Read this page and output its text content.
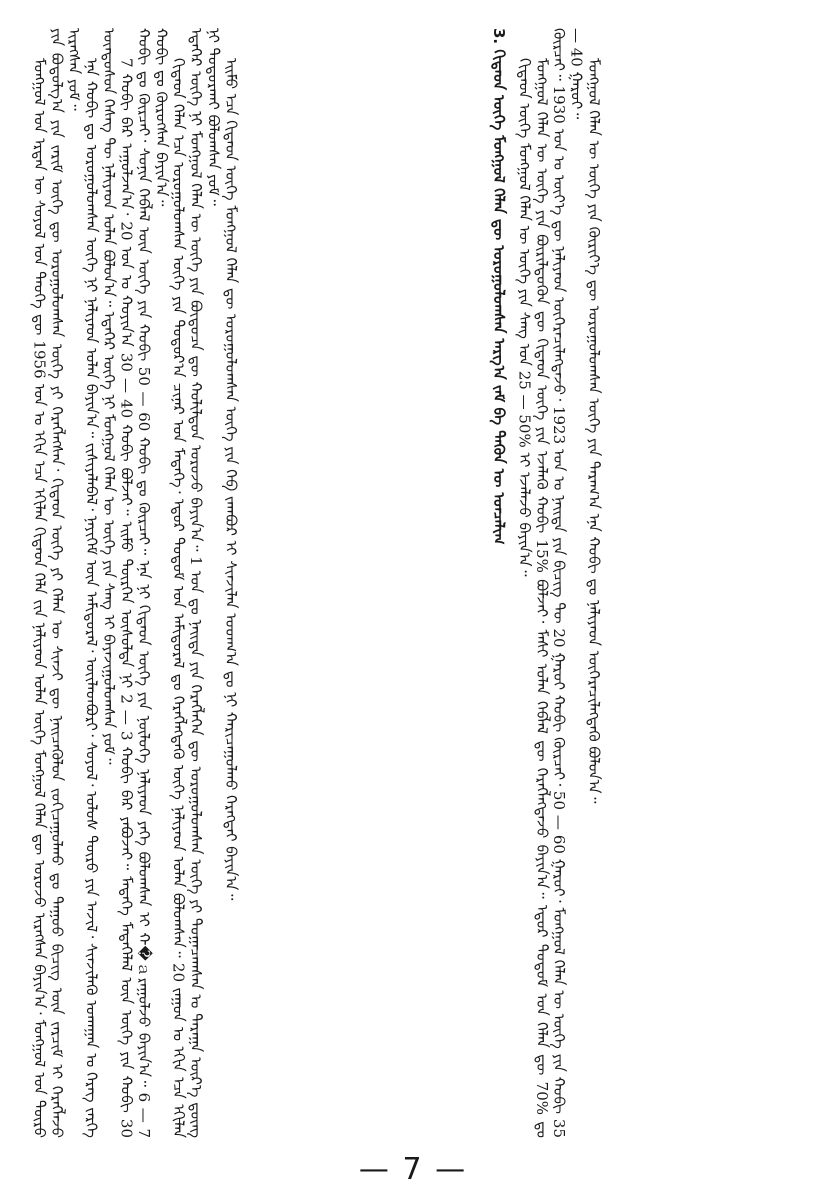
ᠮᠣᠩᠭᠣᠯ ᠤᠨ ᠡᠷᠲᠡᠨ ᠦ ᠰᠣᠶᠣᠯ ᠤᠨ ᠲᠡᠦᠬᠡ ᠳᠦ 1956 ᠣᠨ ᠤ ᠡᠬᠢᠨ ᠡᠴᠡ ᠡᠬᠢᠯᠡᠨ ᠬᠢᠲᠠᠳ ᠬᠡᠯᠡ ᠵᠢᠨ ᠨᠡᠯᠢᠶᠡᠳ ᠣᠯᠠᠨ ᠦᠭᠡ ᠮᠣᠩᠭᠣᠯ ᠬᠡᠯᠡᠨ ᠳᠦ ᠣᠷᠣᠵᠤ ᠢᠷᠡᠭᠰᠡᠨ ᠪᠠᠶᠢᠨ᠎ᠠ᠂ ᠮᠣᠩᠭᠣᠯ ᠤᠨ ᠲᠥᠷᠥ ᠶᠢᠨ ᠪᠣᠳᠣᠯᠭ᠎ᠠ ᠶᠢᠨ ᠵᠠᠷᠢᠮ ᠦᠭᠡ ᠳᠦ ᠣᠷᠣᠭᠤᠯᠤᠭᠰᠠᠨ ᠦᠭᠡ ᠶᠢ ᠬᠡᠷᠡᠭᠯᠡᠭᠰᠡᠨ᠂ ᠬᠢᠲᠠᠳ ᠦᠭᠡ ᠶᠢ ᠬᠡᠯᠡᠨ ᠦ ᠰᠢᠨᠵᠢ ᠳᠦ ᠨᠡᠢᠴᠡᠭᠦᠯᠦᠨ ᠵᠣᠬᠢᠴᠠᠭᠤᠯᠬᠤ ᠳᠤ ᠳᠠᠭᠤᠤ ᠪᠢᠴᠢᠭ ᠦᠨ ᠵᠠᠷᠴᠢᠮ ᠢ ᠬᠡᠷᠡᠭᠯᠡᠵᠦ ᠢᠷᠡᠭᠰᠡᠨ ᠶᠤᠮ᠃ ᠡᠨᠡ ᠬᠤᠪᠢ ᠳᠤ ᠣᠷᠣᠭᠤᠯᠤᠭᠰᠠᠨ ᠦᠭᠡ ᠨᠢ ᠨᠡᠯᠢᠶᠡᠳ ᠣᠯᠠᠨ ᠪᠠᠶᠢᠨ᠎ᠠ᠃ ᠵᠢᠱᠢᠶᠡᠯᠡᠪᠡᠯ᠂ ᠨᠡᠶᠢᠭᠡᠮ ᠦᠨ ᠠᠮᠢᠳᠤᠷᠠᠯ᠂ ᠦᠢᠯᠡᠳᠪᠦᠷᠢ᠂ ᠰᠣᠶᠣᠯ᠂ ᠤᠯᠤᠰ ᠲᠥᠷᠥ ᠶᠢᠨ ᠠᠵᠢᠯ᠂ ᠰᠢᠨᠵᠢᠯᠡᠬᠦ ᠤᠬᠠᠭᠠᠨ ᠤ ᠬᠡᠷᠡᠭ ᠵᠡᠷᠭᠡ ᠦᠨᠳᠦᠰᠦᠨ ᠬᠡᠰᠡᠭ ᠲᠦ ᠨᠡᠯᠢᠶᠡᠳ ᠣᠯᠠᠨ ᠪᠣᠯᠤᠨ᠎ᠠ᠃ ᠡᠳᠡᠭᠡᠷ ᠦᠭᠡ ᠨᠢ ᠮᠣᠩᠭᠣᠯ ᠬᠡᠯᠡᠨ ᠦ ᠦᠭᠡ ᠶᠢᠨ ᠰᠠᠩ ᠢ ᠪᠠᠶᠠᠵᠢᠭᠤᠯᠤᠭᠰᠠᠨ ᠶᠤᠮ᠃ 7 ᠬᠤᠪᠢ ᠪᠡᠷ ᠠᠭᠤᠯᠵᠠᠨ᠎ᠠ᠂ 20 ᠣᠨ ᠤ ᠬᠣᠶᠢᠨ᠎ᠠ 30 — 40 ᠬᠤᠪᠢ ᠪᠣᠯᠵᠠᠢ᠃ ᠡᠢᠮᠦ ᠲᠦᠷᠭᠡᠨ ᠥᠰᠦᠯᠲᠡ ᠨᠢ 2 — 3 ᠬᠤᠪᠢ ᠪᠠᠷ ᠶᠠᠪᠤᠵᠠᠢ᠃ ᠮᠡᠳᠡᠭᠡ ᠮᠡᠳᠡᠭᠡᠯᠡᠯ ᠦᠨ ᠦᠭᠡ ᠶᠢᠨ ᠬᠤᠪᠢ 30 ᠬᠤᠪᠢ ᠳᠤ ᠬᠦᠷᠴᠡᠢ᠂ ᠰᠣᠨᠢᠨ ᠬᠡᠪᠯᠡᠯ ᠦᠨ ᠦᠭᠡ ᠶᠢᠨ ᠬᠤᠪᠢ 50 — 60 ᠬᠤᠪᠢ ᠳᠤ ᠬᠦᠷᠴᠡᠢ᠃ ᠡᠨᠡ ᠨᠢ ᠬᠢᠲᠠᠳ ᠦᠭᠡ ᠶᠢᠨ ᠨᠥᠯᠦᠭᠡ ᠨᠡᠯᠢᠶᠡᠳ ᠶᠡᠬᠡ ᠪᠣᠯᠤᠭᠰᠠᠨ ᠢ ᠬ�ａᠷᠠᠭᠤᠯᠵᠤ ᠪᠠᠶᠢᠨ᠎ᠠ᠃ 6 — 7 ᠬᠤᠪᠢ ᠳᠤ ᠬᠦᠷᠦᠭᠰᠡᠨ ᠪᠠᠶᠢᠨ᠎ᠠ᠃ ᠬᠢᠲᠠᠳ ᠬᠡᠯᠡᠨ ᠡᠴᠡ ᠣᠷᠣᠭᠤᠯᠤᠭᠰᠠᠨ ᠦᠭᠡ ᠶᠢᠨ ᠳᠣᠲᠣᠷ᠎ᠠ ᠴᠢᠨᠠᠷ ᠤᠨ ᠮᠡᠳᠡᠭᠡ᠂ ᠡᠳᠦᠷ ᠲᠤᠲᠤᠮ ᠤᠨ ᠠᠮᠢᠳᠤᠷᠠᠯ ᠳᠤ ᠬᠡᠷᠡᠭᠯᠡᠭᠳᠡᠬᠦ ᠦᠭᠡ ᠨᠡᠯᠢᠶᠡᠳ ᠣᠯᠠᠨ ᠪᠣᠯᠤᠭᠰᠠᠨ᠃ 20 ᠵᠠᠭᠤᠨ ᠤ ᠡᠬᠢᠨ ᠡᠴᠡ ᠡᠬᠢᠯᠡᠨ ᠡᠳᠡᠭᠡᠷ ᠦᠭᠡ ᠨᠢ ᠮᠣᠩᠭᠣᠯ ᠬᠡᠯᠡᠨ ᠦ ᠦᠭᠡ ᠶᠢᠨ ᠪᠦᠲᠦᠴᠡ ᠳᠦ ᠬᠣᠯᠢᠯᠳᠤᠨ ᠣᠷᠣᠵᠤ ᠪᠠᠶᠢᠨ᠎ᠠ᠃ 1 ᠣᠨ ᠳᠤ ᠨᠡᠢᠲᠡ ᠶᠢᠨ ᠬᠡᠷᠡᠭᠯᠡᠭᠡᠨ ᠳᠦ ᠣᠷᠣᠭᠤᠯᠤᠭᠰᠠᠨ ᠦᠭᠡ ᠶᠢ ᠲᠣᠭᠠᠴᠠᠭᠰᠠᠨ ᠤ ᠳᠠᠷᠠᠭᠠ ᠦᠷ᠎ᠡ ᠳ᠋ᠦᠩ ᠨᠢ ᠲᠣᠳᠣᠷᠬᠠᠢ ᠪᠣᠯᠤᠭᠰᠠᠨ ᠶᠤᠮ᠃ ᠡᠢᠮᠦ ᠡᠴᠡ ᠬᠢᠲᠠᠳ ᠦᠭᠡ ᠮᠣᠩᠭᠣᠯ ᠬᠡᠯᠡᠨ ᠳᠦ ᠣᠷᠣᠭᠤᠯᠤᠭᠰᠠᠨ ᠦᠭᠡ ᠶᠢᠨ ᠬᠡᠪ ᠵᠠᠭᠪᠤᠷ ᠢ ᠰᠢᠨᠵᠢᠯᠡᠨ ᠤᠳᠬ᠎ᠠ ᠳᠤ ᠨᠢ ᠬᠠᠷᠢᠴᠠᠭᠤᠯᠬᠤ ᠬᠡᠷᠡᠭᠲᠡᠢ ᠪᠠᠶᠢᠨ᠎ᠠ᠃	3. ᠬᠢᠲᠠᠳ ᠦᠭᠡ ᠮᠣᠩᠭᠣᠯ ᠬᠡᠯᠡᠨ ᠳᠦ ᠣᠷᠣᠭᠤᠯᠤᠭᠰᠠᠨ ᠠᠷᠭ᠎ᠠ ᠵᠠᠮ ᠪᠠ ᠲᠡᠭᠦᠨ ᠦ ᠣᠨᠴᠠᠯᠢᠭ ᠬᠢᠲᠠᠳ ᠦᠭᠡ ᠮᠣᠩᠭᠣᠯ ᠬᠡᠯᠡᠨ ᠦ ᠦᠭᠡ ᠶᠢᠨ ᠰᠠᠩ ᠤᠨ 25 — 50% ᠢ ᠡᠵᠡᠯᠡᠵᠦ ᠪᠠᠶᠢᠨ᠎ᠠ᠃ ᠮᠣᠩᠭᠣᠯ ᠬᠡᠯᠡᠨ ᠦ ᠦᠭᠡ ᠶᠢᠨ ᠪᠦᠷᠢᠯᠳᠦᠭᠦᠨ ᠳᠦ ᠬᠢᠲᠠᠳ ᠦᠭᠡ ᠶᠢᠨ ᠡᠵᠡᠯᠡᠬᠦ ᠬᠤᠪᠢ 15% ᠪᠣᠯᠵᠠᠢ᠂ ᠮᠠᠰᠢ ᠣᠯᠠᠨ ᠬᠡᠪᠯᠡᠯ ᠳᠦ ᠬᠡᠷᠡᠭᠯᠡᠭᠳᠡᠵᠦ ᠪᠠᠶᠢᠨ᠎ᠠ᠃ ᠡᠳᠦᠷ ᠲᠤᠲᠤᠮ ᠤᠨ ᠬᠡᠯᠡᠨ ᠳᠦ 70% ᠳᠤ ᠬᠦᠷᠴᠡᠢ᠃ 1930 ᠣᠨ ᠤ ᠦᠶ᠎ᠡ ᠳᠦ ᠨᠡᠯᠢᠶᠡᠳ ᠥᠭᠡᠷᠡᠴᠢᠯᠡᠭᠳᠡᠵᠦ᠂ 1923 ᠣᠨ ᠤ ᠨᠡᠢᠲᠡ ᠶᠢᠨ ᠪᠢᠴᠢᠭ ᠲᠦ 20 ᠭᠠᠷᠤᠢ ᠬᠤᠪᠢ ᠬᠦᠷᠴᠡᠢ᠂ 50 — 60 ᠭᠠᠷᠤᠢ᠂ ᠮᠣᠩᠭᠣᠯ ᠬᠡᠯᠡᠨ ᠦ ᠦᠭᠡ ᠶᠢᠨ ᠬᠤᠪᠢ 35 — 40 ᠭᠠᠷᠤᠢ᠃ ᠮᠣᠩᠭᠣᠯ ᠬᠡᠯᠡᠨ ᠦ ᠦᠭᠡ ᠶᠢᠨ ᠬᠦᠷᠢᠶ᠎ᠡ ᠳᠦ ᠣᠷᠣᠭᠤᠯᠤᠭᠰᠠᠨ ᠦᠭᠡ ᠶᠢᠨ ᠳᠠᠷᠠᠭ᠎ᠠ ᠡᠨᠡ ᠬᠤᠪᠢ ᠳᠤ ᠨᠡᠯᠢᠶᠡᠳ ᠥᠭᠡᠷᠡᠴᠢᠯᠡᠭᠳᠡᠬᠦ ᠪᠣᠯᠤᠨ᠎ᠠ᠃

— 7 —
